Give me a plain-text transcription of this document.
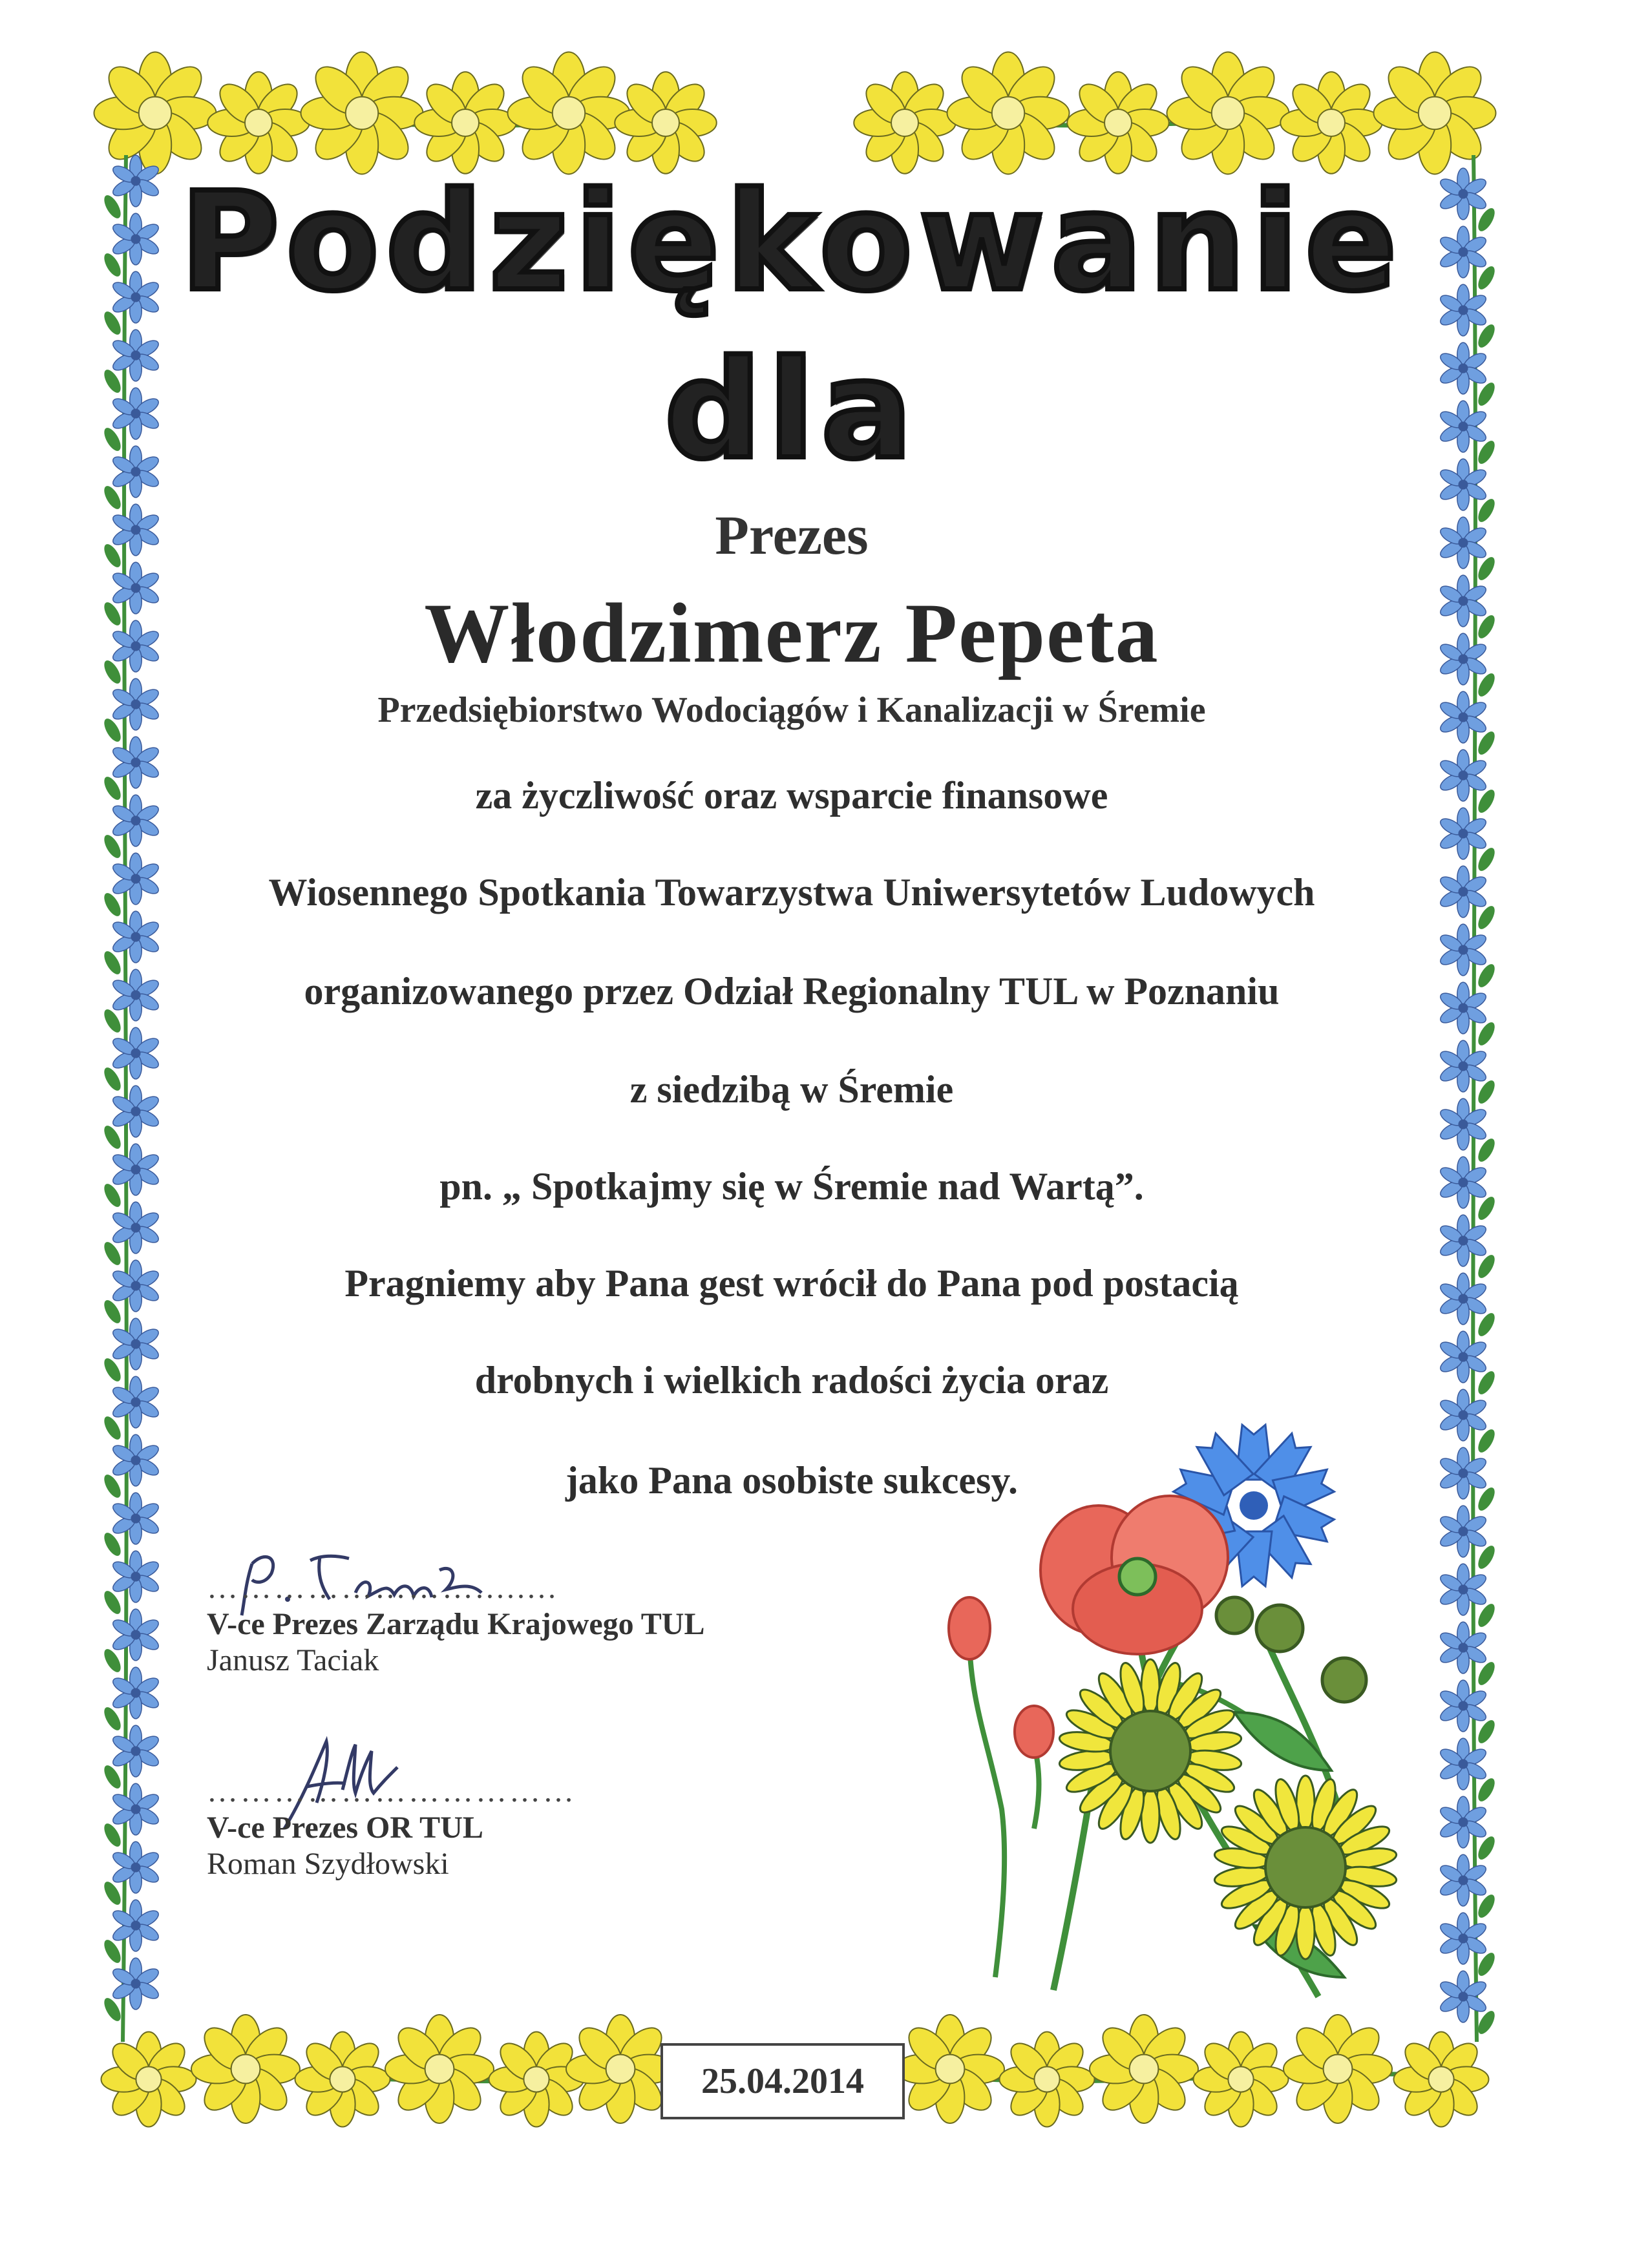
Podziękowanie
dla
Prezes
Włodzimerz Pepeta
Przedsiębiorstwo Wodociągów i Kanalizacji w Śremie
za życzliwość oraz wsparcie finansowe
Wiosennego Spotkania Towarzystwa Uniwersytetów Ludowych
organizowanego przez Odział Regionalny TUL w Poznaniu
z siedzibą w Śremie
pn. „ Spotkajmy się w Śremie nad Wartą”.
Pragniemy aby Pana gest wrócił do Pana pod postacią
drobnych i wielkich radości życia oraz
jako Pana osobiste sukcesy.
……………………........
V-ce Prezes Zarządu Krajowego TUL
Janusz Taciak
……………………………
V-ce Prezes OR TUL
Roman Szydłowski
25.04.2014
